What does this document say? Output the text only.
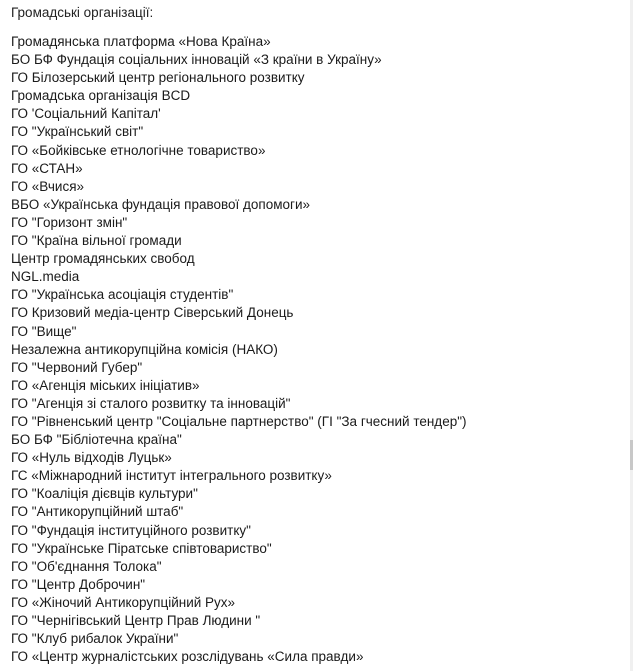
Громадські організації:
Громадянська платформа «Нова Країна»
БО БФ Фундація соціальних інновацій «З країни в Україну»
ГО Білозерський центр регіонального розвитку
Громадська організація BCD
ГО 'Соціальний Капітал'
ГО "Український світ"
ГО «Бойківське етнологічне товариство»
ГО «СТАН»
ГО «Вчися»
ВБО «Українська фундація правової допомоги»
ГО "Горизонт змін"
ГО "Країна вільної громади
Центр громадянських свобод
NGL.media
ГО "Українська асоціація студентів"
ГО Кризовий медіа-центр Сіверський Донець
ГО "Вище"
Незалежна антикорупційна комісія (НАКО)
ГО "Червоний Губер"
ГО «Агенція міських ініціатив»
ГО "Агенція зі сталого розвитку та інновацій"
ГО "Рівненський центр "Соціальне партнерство" (ГІ "За гчесний тендер")
БО БФ "Бібліотечна країна"
ГО «Нуль відходів Луцьк»
ГС «Міжнародний інститут інтегрального розвитку»
ГО "Коаліція дієвців культури"
ГО "Антикорупційний штаб"
ГО "Фундація інституційного розвитку"
ГО "Українське Піратське співтовариство"
ГО "Об'єднання Толока"
ГО "Центр Доброчин"
ГО «Жіночий Антикорупційний Рух»
ГО "Чернігівський Центр Прав Людини "
ГО "Клуб рибалок України"
ГО «Центр журналістських розслідувань «Сила правди»
